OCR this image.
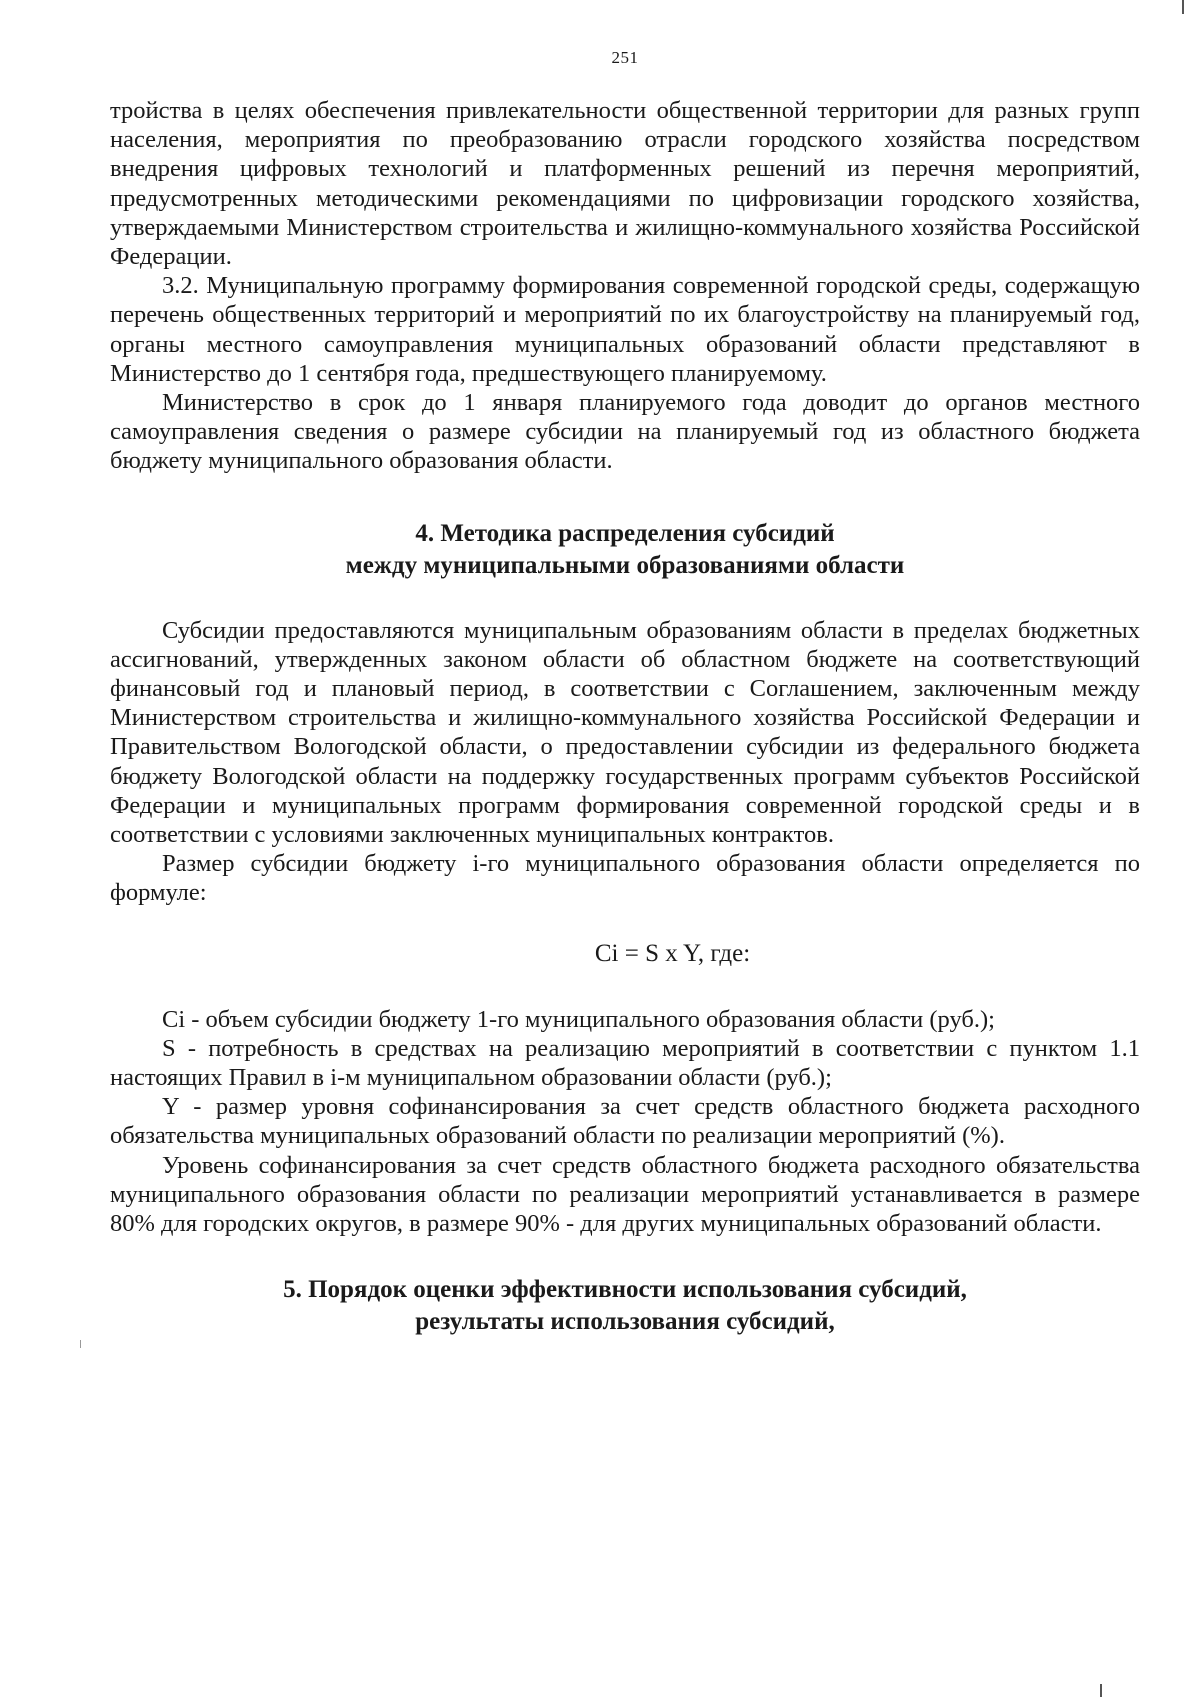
251

тройства в целях обеспечения привлекательности общественной территории для разных групп населения, мероприятия по преобразованию отрасли городского хозяйства посредством внедрения цифровых технологий и платформенных решений из перечня мероприятий, предусмотренных методическими рекомендациями по цифровизации городского хозяйства, утверждаемыми Министерством строительства и жилищно-коммунального хозяйства Российской Федерации.

3.2. Муниципальную программу формирования современной городской среды, содержащую перечень общественных территорий и мероприятий по их благоустройству на планируемый год, органы местного самоуправления муниципальных образований области представляют в Министерство до 1 сентября года, предшествующего планируемому.

Министерство в срок до 1 января планируемого года доводит до органов местного самоуправления сведения о размере субсидии на планируемый год из областного бюджета бюджету муниципального образования области.

4. Методика распределения субсидий
между муниципальными образованиями области

Субсидии предоставляются муниципальным образованиям области в пределах бюджетных ассигнований, утвержденных законом области об областном бюджете на соответствующий финансовый год и плановый период, в соответствии с Соглашением, заключенным между Министерством строительства и жилищно-коммунального хозяйства Российской Федерации и Правительством Вологодской области, о предоставлении субсидии из федерального бюджета бюджету Вологодской области на поддержку государственных программ субъектов Российской Федерации и муниципальных программ формирования современной городской среды и в соответствии с условиями заключенных муниципальных контрактов.

Размер субсидии бюджету i-го муниципального образования области определяется по формуле:

Ci = S x Y, где:

Ci - объем субсидии бюджету 1-го муниципального образования области (руб.);

S - потребность в средствах на реализацию мероприятий в соответствии с пунктом 1.1 настоящих Правил в i-м муниципальном образовании области (руб.);

Y - размер уровня софинансирования за счет средств областного бюджета расходного обязательства муниципальных образований области по реализации мероприятий (%).

Уровень софинансирования за счет средств областного бюджета расходного обязательства муниципального образования области по реализации мероприятий устанавливается в размере 80% для городских округов, в размере 90% - для других муниципальных образований области.

5. Порядок оценки эффективности использования субсидий,
результаты использования субсидий,
